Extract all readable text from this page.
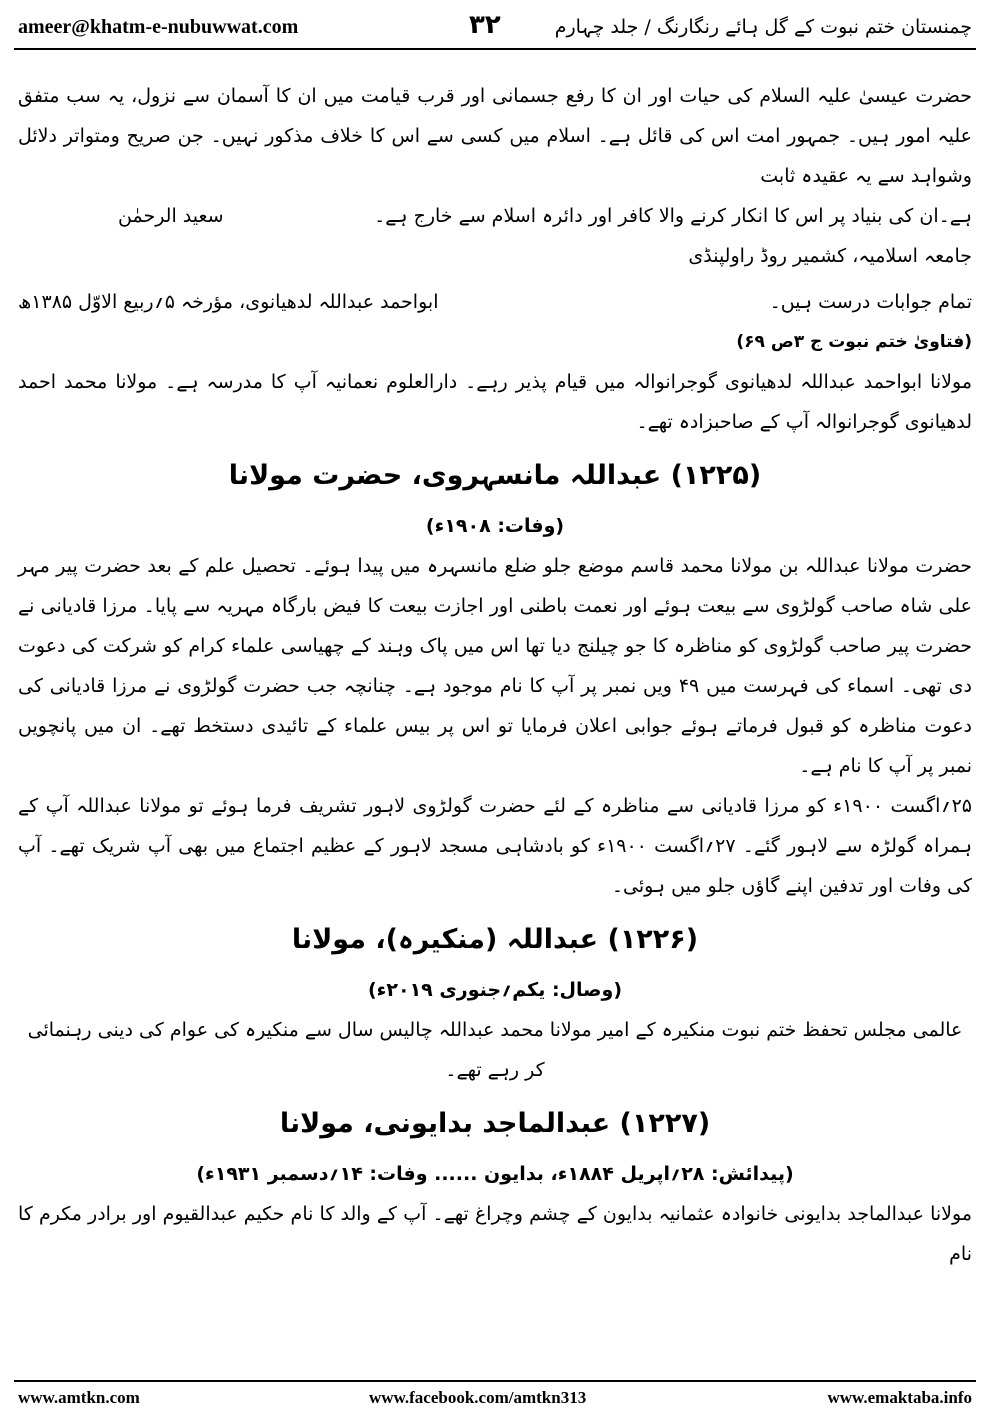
ameer@khatm-e-nubuwwat.com	۳۲	چمنستان ختم نبوت کے گل ہائے رنگارنگ / جلد چہارم

حضرت عیسیٰ علیہ السلام کی حیات اور ان کا رفع جسمانی اور قرب قیامت میں ان کا آسمان سے نزول، یہ سب متفق علیہ امور ہیں۔ جمہور امت اس کی قائل ہے۔ اسلام میں کسی سے اس کا خلاف مذکور نہیں۔ جن صریح ومتواتر دلائل وشواہد سے یہ عقیدہ ثابت

ہے۔ان کی بنیاد پر اس کا انکار کرنے والا کافر اور دائرہ اسلام سے خارج ہے۔
سعید الرحمٰن
جامعہ اسلامیہ، کشمیر روڈ راولپنڈی
تمام جوابات درست ہیں۔
ابواحمد عبداللہ لدھیانوی، مؤرخہ ۵؍ربیع الاوّل ۱۳۸۵ھ
(فتاویٰ ختم نبوت ج ۳ص ۶۹)

مولانا ابواحمد عبداللہ لدھیانوی گوجرانوالہ میں قیام پذیر رہے۔ دارالعلوم نعمانیہ آپ کا مدرسہ ہے۔ مولانا محمد احمد لدھیانوی گوجرانوالہ آپ کے صاحبزادہ تھے۔

(۱۲۲۵) عبداللہ مانسہروی، حضرت مولانا
(وفات: ۱۹۰۸ء)

حضرت مولانا عبداللہ بن مولانا محمد قاسم موضع جلو ضلع مانسہرہ میں پیدا ہوئے۔ تحصیل علم کے بعد حضرت پیر مہر علی شاہ صاحب گولڑوی سے بیعت ہوئے اور نعمت باطنی اور اجازت بیعت کا فیض بارگاہ مہریہ سے پایا۔ مرزا قادیانی نے حضرت پیر صاحب گولڑوی کو مناظرہ کا جو چیلنج دیا تھا اس میں پاک وہند کے چھیاسی علماء کرام کو شرکت کی دعوت دی تھی۔ اسماء کی فہرست میں ۴۹ ویں نمبر پر آپ کا نام موجود ہے۔ چنانچہ جب حضرت گولڑوی نے مرزا قادیانی کی دعوت مناظرہ کو قبول فرماتے ہوئے جوابی اعلان فرمایا تو اس پر بیس علماء کے تائیدی دستخط تھے۔ ان میں پانچویں نمبر پر آپ کا نام ہے۔

۲۵؍اگست ۱۹۰۰ء کو مرزا قادیانی سے مناظرہ کے لئے حضرت گولڑوی لاہور تشریف فرما ہوئے تو مولانا عبداللہ آپ کے ہمراہ گولڑہ سے لاہور گئے۔ ۲۷؍اگست ۱۹۰۰ء کو بادشاہی مسجد لاہور کے عظیم اجتماع میں بھی آپ شریک تھے۔ آپ کی وفات اور تدفین اپنے گاؤں جلو میں ہوئی۔

(۱۲۲۶) عبداللہ (منکیرہ)، مولانا
(وصال: یکم؍جنوری ۲۰۱۹ء)
عالمی مجلس تحفظ ختم نبوت منکیرہ کے امیر مولانا محمد عبداللہ چالیس سال سے منکیرہ کی عوام کی دینی رہنمائی کر رہے تھے۔
(۱۲۲۷) عبدالماجد بدایونی، مولانا
(پیدائش: ۲۸؍اپریل ۱۸۸۴ء، بدایون ...... وفات: ۱۴؍دسمبر ۱۹۳۱ء)

مولانا عبدالماجد بدایونی خانوادہ عثمانیہ بدایون کے چشم وچراغ تھے۔ آپ کے والد کا نام حکیم عبدالقیوم اور برادر مکرم کا نام

www.amtkn.com	www.facebook.com/amtkn313	www.emaktaba.info
